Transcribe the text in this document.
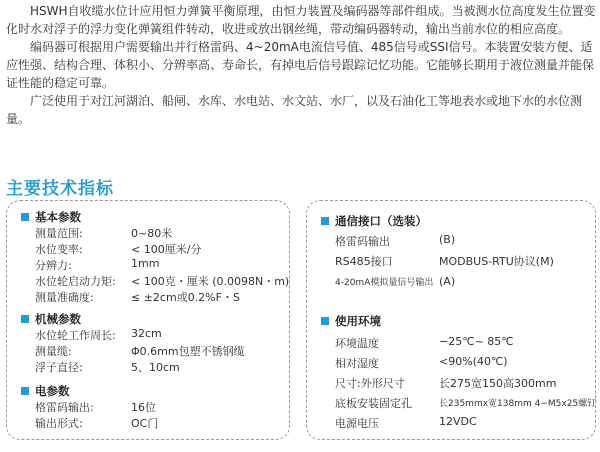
HSWH自收缆水位计应用恒力弹簧平衡原理，由恒力装置及编码器等部件组成。当被测水位高度发生位置变化时水对浮子的浮力变化弹簧组件转动，收进或放出钢丝绳，带动编码器转动，输出当前水位的相应高度。

编码器可根据用户需要输出并行格雷码、4~20mA电流信号值、485信号或SSI信号。本装置安装方便、适应性强、结构合理、体积小、分辨率高、寿命长，有掉电后信号跟踪记忆功能。它能够长期用于液位测量并能保证性能的稳定可靠。

广泛使用于对江河湖泊、船闸、水库、水电站、水文站、水厂，以及石油化工等地表水或地下水的水位测量。

主要技术指标
基本参数
测量范围:	0~80米
水位变率:	< 100厘米/分
分辨力:	1mm
水位轮启动力矩: < 100克・厘米 (0.0098N・m)
测量准确度:	≤ ±2cm或0.2%F・S
机械参数
水位轮工作周长: 32cm
测量缆:	Φ0.6mm包塑不锈钢缆
浮子直径:	5、10cm
电参数
格雷码输出:	16位
输出形式:	OC门
通信接口（选装）
格雷码输出	(B)
RS485接口	MODBUS-RTU协议(M)
4-20mA模拟量信号输出 (A)
使用环境
环境温度	−25℃~ 85℃
相对湿度	<90%(40℃)
尺寸:外形尺寸	长275宽150高300mm
底板安装固定孔	长235mmx宽138mm 4−M5x25螺钉
电源电压	12VDC
